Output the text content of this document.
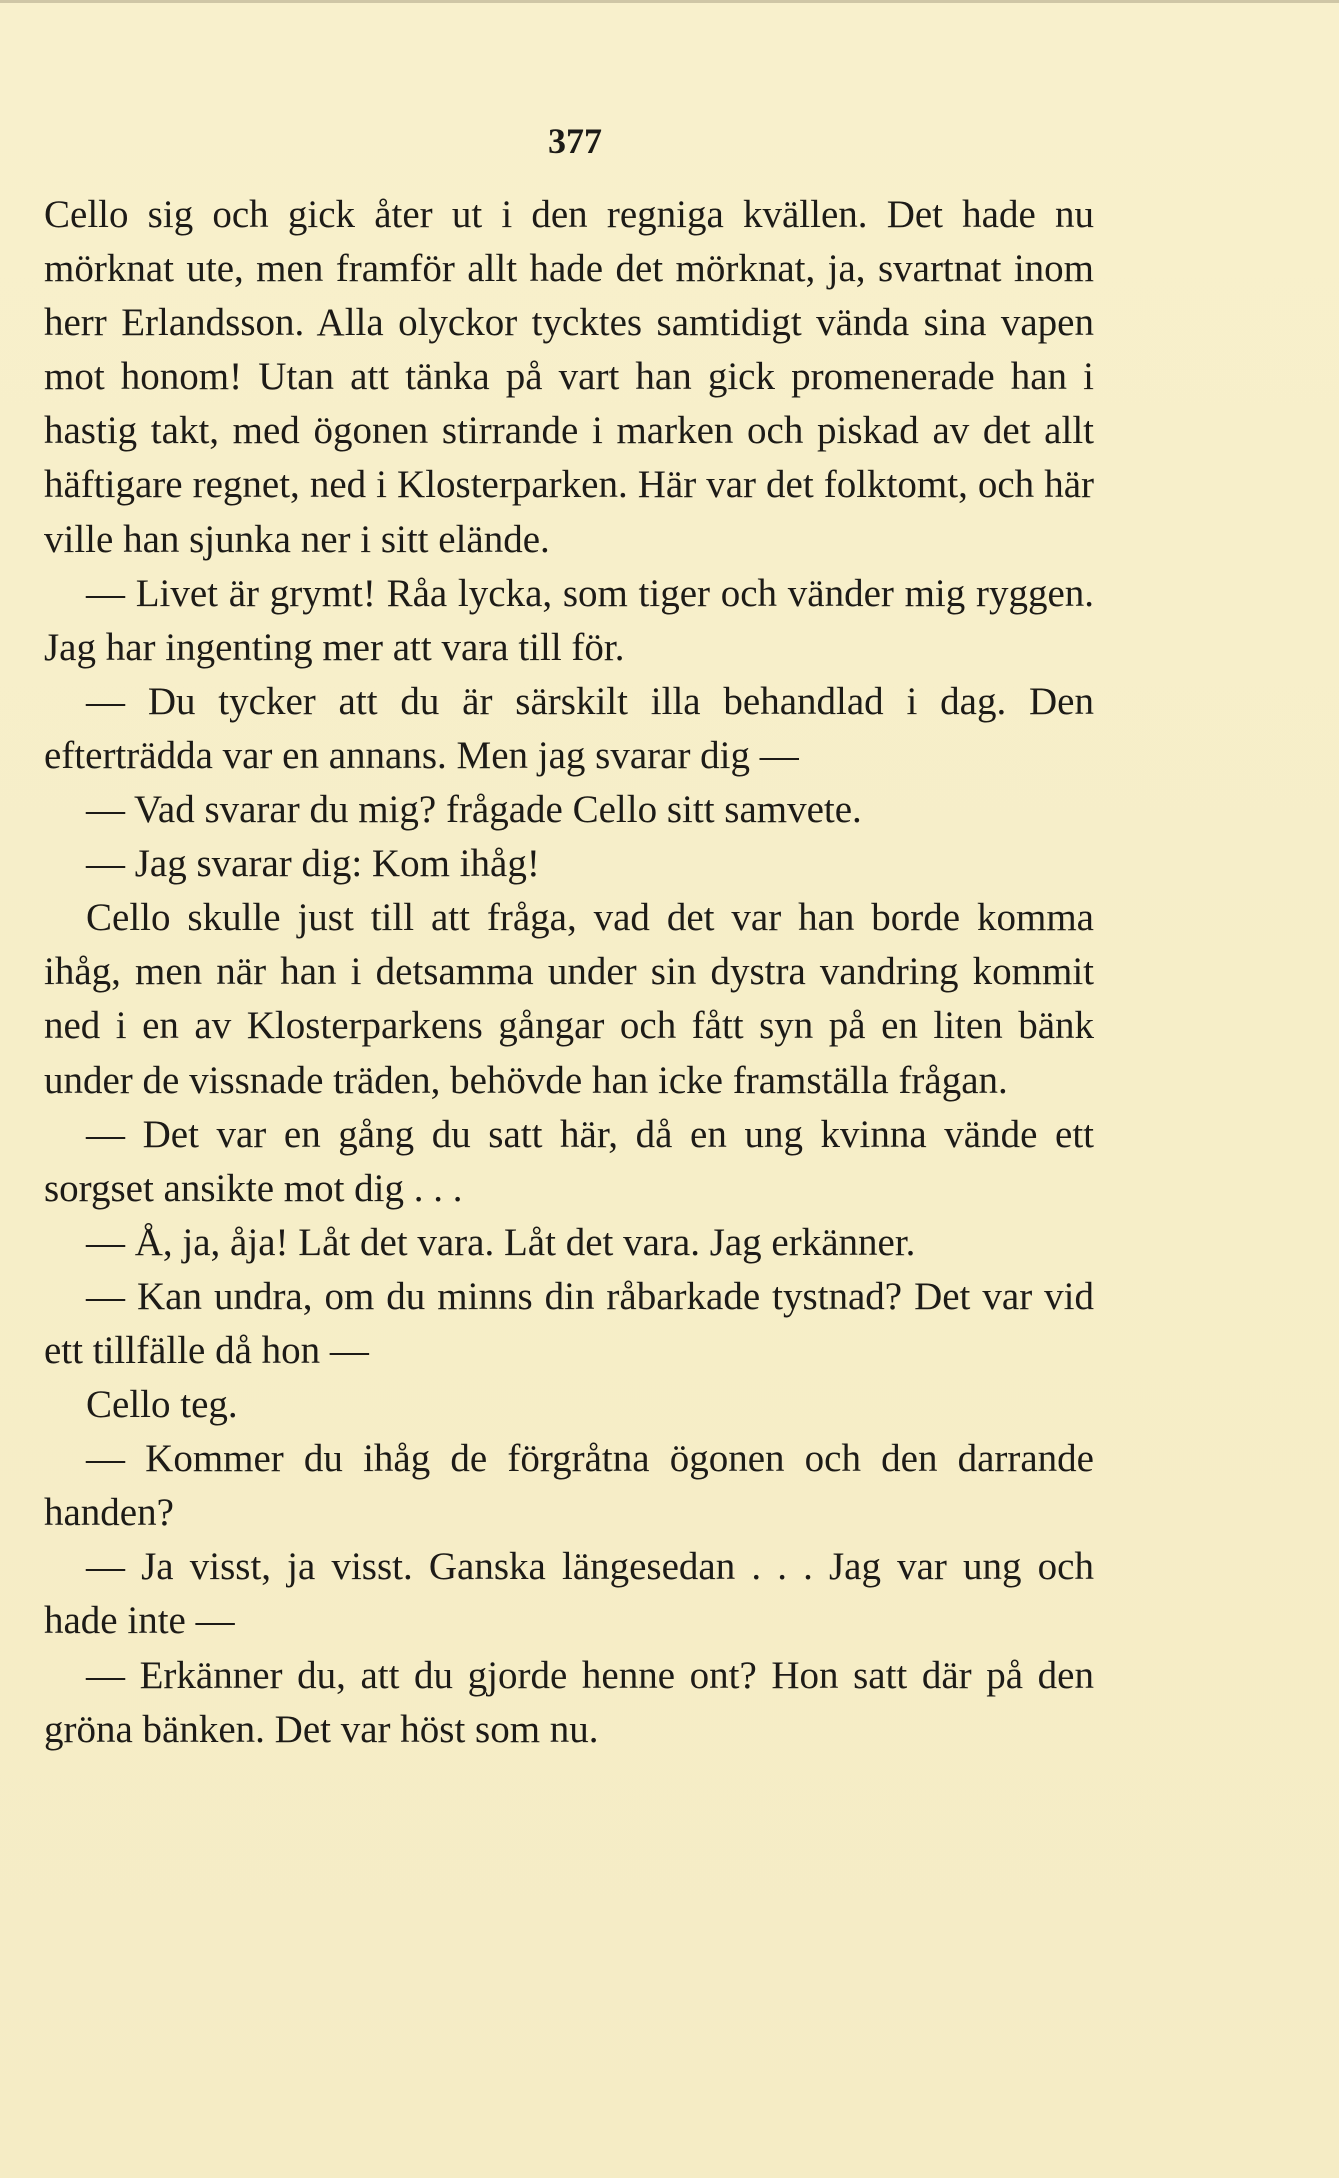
377

Cello sig och gick åter ut i den regniga kvällen. Det hade nu mörknat ute, men framför allt hade det mörknat, ja, svartnat inom herr Erlandsson. Alla olyckor tycktes samtidigt vända sina vapen mot honom! Utan att tänka på vart han gick promenerade han i hastig takt, med ögonen stirrande i marken och piskad av det allt häftigare regnet, ned i Klosterparken. Här var det folktomt, och här ville han sjunka ner i sitt elände.

— Livet är grymt! Råa lycka, som tiger och vänder mig ryggen. Jag har ingenting mer att vara till för.

— Du tycker att du är särskilt illa behandlad i dag. Den efterträdda var en annans. Men jag svarar dig —

— Vad svarar du mig? frågade Cello sitt samvete.

— Jag svarar dig: Kom ihåg!

Cello skulle just till att fråga, vad det var han borde komma ihåg, men när han i detsamma under sin dystra vandring kommit ned i en av Klosterparkens gångar och fått syn på en liten bänk under de vissnade träden, behövde han icke framställa frågan.

— Det var en gång du satt här, då en ung kvinna vände ett sorgset ansikte mot dig . . .

— Å, ja, åja! Låt det vara. Låt det vara. Jag erkänner.

— Kan undra, om du minns din råbarkade tystnad? Det var vid ett tillfälle då hon —

Cello teg.

— Kommer du ihåg de förgråtna ögonen och den darrande handen?

— Ja visst, ja visst. Ganska längesedan . . . Jag var ung och hade inte —

— Erkänner du, att du gjorde henne ont? Hon satt där på den gröna bänken. Det var höst som nu.
